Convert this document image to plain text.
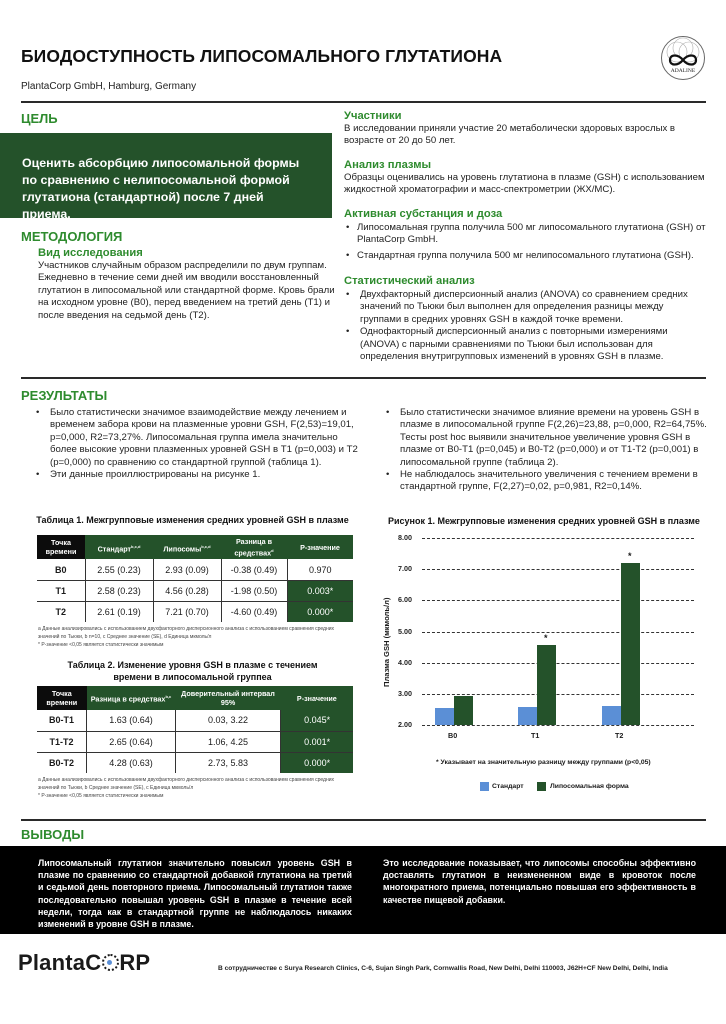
БИОДОСТУПНОСТЬ ЛИПОСОМАЛЬНОГО ГЛУТАТИОНА
PlantaCorp GmbH, Hamburg, Germany
ADALINE
ЦЕЛЬ
Оценить абсорбцию липосомальной формы по сравнению с нелипосомальной формой глутатиона (стандартной) после 7 дней приема.
МЕТОДОЛОГИЯ
Вид исследования
Участников случайным образом распределили по двум группам. Ежедневно в течение семи дней им вводили восстановленный глутатион в липосомальной или стандартной форме. Кровь брали на исходном уровне (B0), перед введением на третий день (T1) и после введения на седьмой день (T2).
Участники
В исследовании приняли участие 20 метаболически здоровых взрослых в возрасте от 20 до 50 лет.
Анализ плазмы
Образцы оценивались на уровень глутатиона в плазме (GSH) с использованием жидкостной хроматографии и масс-спектрометрии (ЖХ/МС).
Активная субстанция и доза
• Липосомальная группа получила 500 мг липосомального глутатиона (GSH) от PlantaCorp GmbH.
• Стандартная группа получила 500 мг нелипосомального глутатиона (GSH).
Статистический анализ
• Двухфакторный дисперсионный анализ (ANOVA) со сравнением средних значений по Тьюки был выполнен для определения разницы между группами в средних уровнях GSH в каждой точке времени.
• Однофакторный дисперсионный анализ с повторными измерениями (ANOVA) с парными сравнениями по Тьюки был использован для определения внутригрупповых изменений в уровнях GSH в плазме.
РЕЗУЛЬТАТЫ
• Было статистически значимое взаимодействие между лечением и временем забора крови на плазменные уровни GSH, F(2,53)=19,01, p=0,000, R2=73,27%. Липосомальная группа имела значительно более высокие уровни плазменных уровней GSH в T1 (p=0,003) и T2 (p=0,000) по сравнению со стандартной группой (таблица 1).
• Эти данные проиллюстрированы на рисунке 1.
• Было статистически значимое влияние времени на уровень GSH в плазме в липосомальной группе F(2,26)=23,88, p=0,000, R2=64,75%. Тесты post hoc выявили значительное увеличение уровня GSH в плазме от B0-T1 (p=0,045) и B0-T2 (p=0,000) и от T1-T2 (p=0,001) в липосомальной группе (таблица 2).
• Не наблюдалось значительного увеличения с течением времени в стандартной группе, F(2,27)=0,02, p=0,981, R2=0,14%.
Таблица 1. Межгрупповые изменения средних уровней GSH в плазме
Точка времени	Стандарт$^{b,c,d}$	Липосомы$^{b,c,d}$	Разница в средствах$^d$	P-значение
B0	2.55 (0.23)	2.93 (0.09)	-0.38 (0.49)	0.970
T1	2.58 (0.23)	4.56 (0.28)	-1.98 (0.50)	0.003*
T2	2.61 (0.19)	7.21 (0.70)	-4.60 (0.49)	0.000*
a Данные анализировались с использованием двухфакторного дисперсионного анализа с использованием сравнения средних значений по Тьюки, b n=10, c Среднее значение (SE), d Единица мкмоль/л
* P-значение <0,05 является статистически значимым
Таблица 2. Изменение уровня GSH в плазме с течением времени в липосомальной группеa
Точка времени	Разница в средствах$^{b,c}$	Доверительный интервал 95%	P-значение
B0-T1	1.63 (0.64)	0.03, 3.22	0.045*
T1-T2	2.65 (0.64)	1.06, 4.25	0.001*
B0-T2	4.28 (0.63)	2.73, 5.83	0.000*
a Данные анализировались с использованием двухфакторного дисперсионного анализа с использованием сравнения средних значений по Тьюки, b Среднее значение (SE), c Единица мкмоль/л
* P-значение <0,05 является статистически значимым
Рисунок 1. Межгрупповые изменения средних уровней GSH в плазме
2.00
3.00
4.00
5.00
6.00
7.00
8.00
B0
*
T1
*
T2
Плазма GSH (мкмоль/л)
* Указывает на значительную разницу между группами (p<0,05)
Стандарт	Липосомальная форма
ВЫВОДЫ
Липосомальный глутатион значительно повысил уровень GSH в плазме по сравнению со стандартной добавкой глутатиона на третий и седьмой день повторного приема. Липосомальный глутатион также последовательно повышал уровень GSH в плазме в течение всей недели, тогда как в стандартной группе не наблюдалось никаких изменений в уровне GSH в плазме.
Это исследование показывает, что липосомы способны эффективно доставлять глутатион в неизмененном виде в кровоток после многократного приема, потенциально повышая его эффективность в качестве пищевой добавки.
PlantaC RP	В сотрудничестве с Surya Research Clinics, C-6, Sujan Singh Park, Cornwallis Road, New Delhi, Delhi 110003, J62H+CF New Delhi, Delhi, India
